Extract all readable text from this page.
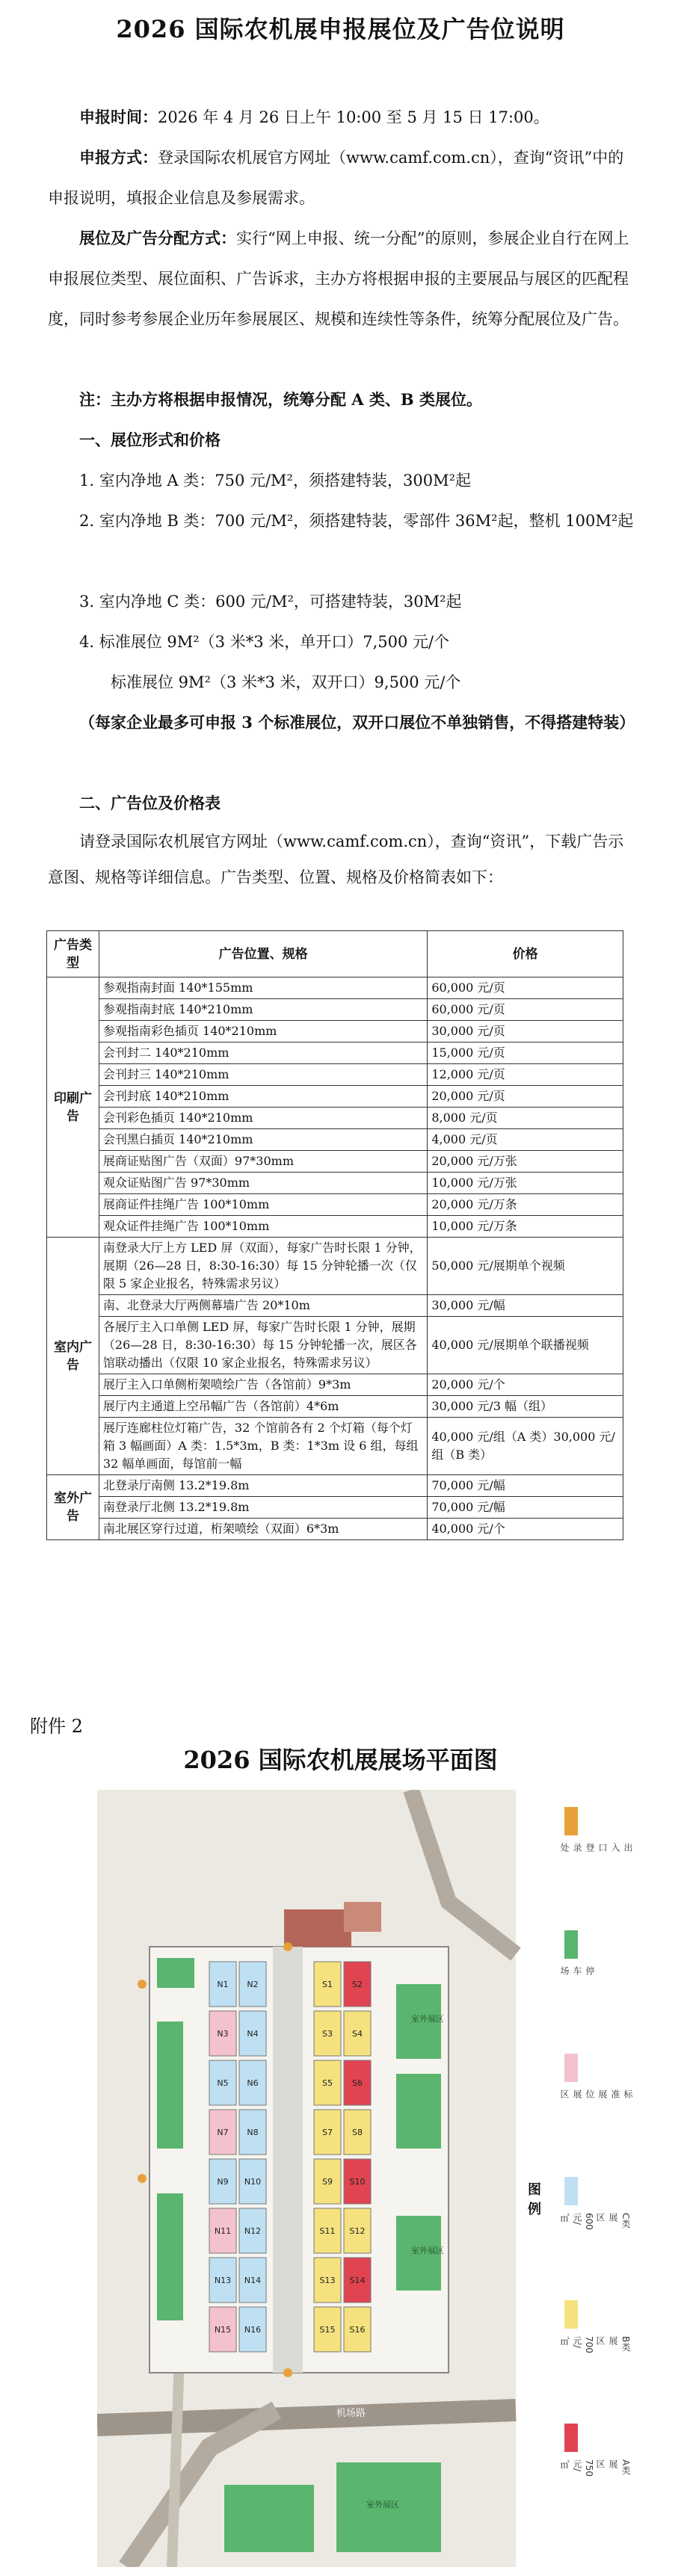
2026 国际农机展申报展位及广告位说明
申报时间：2026 年 4 月 26 日上午 10:00 至 5 月 15 日 17:00。
申报方式：登录国际农机展官方网址（www.camf.com.cn），查询“资讯”中的申报说明，填报企业信息及参展需求。
展位及广告分配方式：实行“网上申报、统一分配”的原则，参展企业自行在网上申报展位类型、展位面积、广告诉求，主办方将根据申报的主要展品与展区的匹配程度，同时参考参展企业历年参展展区、规模和连续性等条件，统筹分配展位及广告。
注：主办方将根据申报情况，统筹分配 A 类、B 类展位。
一、展位形式和价格
1. 室内净地 A 类：750 元/M²，须搭建特装，300M²起
2. 室内净地 B 类：700 元/M²，须搭建特装，零部件 36M²起，整机 100M²起
3. 室内净地 C 类：600 元/M²，可搭建特装，30M²起
4. 标准展位 9M²（3 米*3 米，单开口）7,500 元/个
标准展位 9M²（3 米*3 米，双开口）9,500 元/个
（每家企业最多可申报 3 个标准展位，双开口展位不单独销售，不得搭建特装）
二、广告位及价格表
请登录国际农机展官方网址（www.camf.com.cn），查询“资讯”，下载广告示意图、规格等详细信息。广告类型、位置、规格及价格简表如下：
广告类型	广告位置、规格	价格
印刷广告	参观指南封面 140*155mm	60,000 元/页
	参观指南封底 140*210mm	60,000 元/页
	参观指南彩色插页 140*210mm	30,000 元/页
	会刊封二 140*210mm	15,000 元/页
	会刊封三 140*210mm	12,000 元/页
	会刊封底 140*210mm	20,000 元/页
	会刊彩色插页 140*210mm	8,000 元/页
	会刊黑白插页 140*210mm	4,000 元/页
	展商证贴图广告（双面）97*30mm	20,000 元/万张
	观众证贴图广告 97*30mm	10,000 元/万张
	展商证件挂绳广告 100*10mm	20,000 元/万条
	观众证件挂绳广告 100*10mm	10,000 元/万条
室内广告	南登录大厅上方 LED 屏（双面），每家广告时长限 1 分钟，展期（26—28 日，8:30-16:30）每 15 分钟轮播一次（仅限 5 家企业报名，特殊需求另议）	50,000 元/展期单个视频
	南、北登录大厅两侧幕墙广告 20*10m	30,000 元/幅
	各展厅主入口单侧 LED 屏，每家广告时长限 1 分钟，展期（26—28 日，8:30-16:30）每 15 分钟轮播一次，展区各馆联动播出（仅限 10 家企业报名，特殊需求另议）	40,000 元/展期单个联播视频
	展厅主入口单侧桁架喷绘广告（各馆前）9*3m	20,000 元/个
	展厅内主通道上空吊幅广告（各馆前）4*6m	30,000 元/3 幅（组）
	展厅连廊柱位灯箱广告，32 个馆前各有 2 个灯箱（每个灯箱 3 幅画面）A 类：1.5*3m，B 类：1*3m 设 6 组，每组 32 幅单画面，每馆前一幅	40,000 元/组（A 类）30,000 元/组（B 类）
室外广告	北登录厅南侧 13.2*19.8m	70,000 元/幅
	南登录厅北侧 13.2*19.8m	70,000 元/幅
	南北展区穿行过道，桁架喷绘（双面）6*3m	40,000 元/个
附件 2
2026 国际农机展展场平面图
机场路
室外展区
室外展区
室外展区
N1 N2
N3 N4
N5 N6
N7 N8
N9 N10
N11 N12
N13 N14
N15 N16
S1 S2
S3 S4
S5 S6
S7 S8
S9 S10
S11 S12
S13 S14
S15 S16
图例
出入口登录处
停车场
标准展位展区
C类展区 600元/㎡
B类展区 700元/㎡
A类展区 750元/㎡
